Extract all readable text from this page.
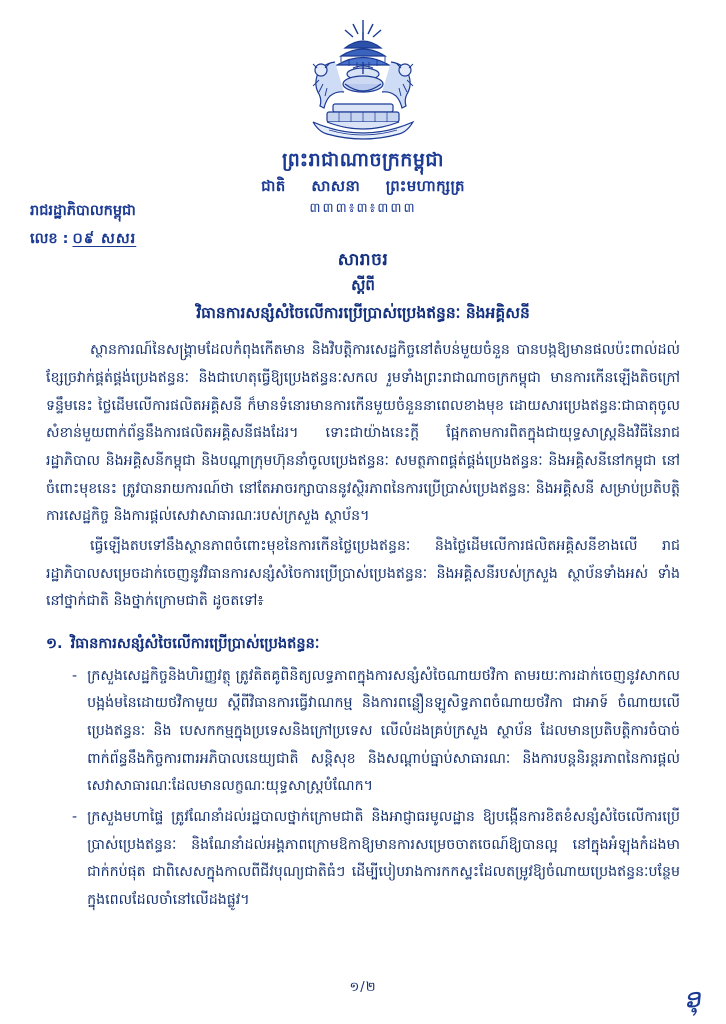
ព្រះរាជាណាចក្រកម្ពុជា
ជាតិ សាសនា ព្រះមហាក្សត្រ
៣៣៣៖៣៖៣៣៣
រាជរដ្ឋាភិបាលកម្ពុជា
លេខ : ០៩ សសរ
សារាចរ
ស្តីពី
វិធានការសន្សំសំចៃលើការប្រើប្រាស់ប្រេងឥន្ធនៈ និងអគ្គិសនី
ស្ថានការណ៍នៃសង្រ្គាមដែលកំពុងកើតមាន និងវិបត្តិការសេដ្ឋកិច្ចនៅតំបន់មួយចំនួន បានបង្កឱ្យមានផលប៉ះពាល់ដល់ខ្សែច្រវាក់ផ្គត់ផ្គង់ប្រេងឥន្ធនៈ និងជាហេតុធ្វើឱ្យប្រេងឥន្ធនៈសកល រួមទាំងព្រះរាជាណាចក្រកម្ពុជា មានការកើនឡើងតិចក្រៅ ទន្ទឹមនេះ ថ្លៃដើមលើការផលិតអគ្គិសនី ក៏មានទំនោរមានការកើនមួយចំនួននាពេលខាងមុខ ដោយសារប្រេងឥន្ធនៈជាធាតុចូលសំខាន់មួយពាក់ព័ន្ធនឹងការផលិតអគ្គិសនីផងដែរ។ ទោះជាយ៉ាងនេះក្តី ផ្អែកតាមការពិតក្នុងជាយុទ្ធសាស្រ្តនិងវិធីនៃរាជរដ្ឋាភិបាល និងអគ្គិសនីកម្ពុជា និងបណ្តាក្រុមហ៊ុននាំចូលប្រេងឥន្ធនៈ សមត្ថភាពផ្គត់ផ្គង់ប្រេងឥន្ធនៈ និងអគ្គិសនីនៅកម្ពុជា នៅចំពោះមុខនេះ ត្រូវបានរាយការណ៍ថា នៅតែអាចរក្សាបាននូវស្ថិរភាពនៃការប្រើប្រាស់ប្រេងឥន្ធនៈ និងអគ្គិសនី សម្រាប់ប្រតិបត្តិការសេដ្ឋកិច្ច និងការផ្តល់សេវាសាធារណៈរបស់ក្រសួង ស្ថាប័ន។
ធ្វើឡើងតបទៅនឹងស្ថានភាពចំពោះមុខនៃការកើនថ្លៃប្រេងឥន្ធនៈ និងថ្លៃដើមលើការផលិតអគ្គិសនីខាងលើ រាជរដ្ឋាភិបាលសម្រេចដាក់ចេញនូវវិធានការសន្សំសំចៃការប្រើប្រាស់ប្រេងឥន្ធនៈ និងអគ្គិសនីរបស់ក្រសួង ស្ថាប័នទាំងអស់ ទាំងនៅថ្នាក់ជាតិ និងថ្នាក់ក្រោមជាតិ ដូចតទៅ៖
១. វិធានការសន្សំសំចៃលើការប្រើប្រាស់ប្រេងឥន្ធនៈ
- ក្រសួងសេដ្ឋកិច្ចនិងហិរញ្ញវត្ថុ ត្រូវតិតគូពិនិត្យលទ្ធភាពក្នុងការសន្សំសំចៃណាយថវិកា តាមរយៈការដាក់ចេញនូវសាកលបង្អង់មនៃដោយថវិកាមួយ ស្តីពីវិធានការធ្វើវាណកម្ម និងការពន្លឿនឡូសិទ្ធភាពចំណាយថវិកា ជាអាទ៍ ចំណាយលើប្រេងឥន្ធនៈ និង បេសកកម្មក្នុងប្រទេសនិងក្រៅប្រទេស លើលំដងគ្រប់ក្រសួង ស្ថាប័ន ដែលមានប្រតិបត្តិការចំបាច់ពាក់ព័ន្ធនឹងកិច្ចការពារអភិបាលនេយ្យជាតិ សន្តិសុខ និងសណ្តាប់ធ្នាប់សាធារណៈ និងការបន្តនិរន្តរភាពនៃការផ្តល់សេវាសាធារណៈដែលមានលក្ខណៈយុទ្ធសាស្រ្តបំណែក។
- ក្រសួងមហាផ្ទៃ ត្រូវណែនាំដល់រដ្ឋបាលថ្នាក់ក្រោមជាតិ និងអាជ្ញាធរមូលដ្ឋាន ឱ្យបង្កើនការខិតខំសន្សំសំចៃលើការប្រើប្រាស់ប្រេងឥន្ធនៈ និងណែនាំដល់អង្គភាពក្រោមឱកាឱ្យមានការសម្រេចចាតចេណ៍ឱ្យបានល្អ នៅក្នុងអំឡុងកំដងមាជាក់កប់ផុត ជាពិសេសក្នុងកាលពីជីវបុណ្យជាតិធំៗ ដើម្បីបៀបរាងការកកស្ទះដែលតម្រូវឱ្យចំណាយប្រេងឥន្ធនៈបន្ថែម ក្នុងពេលដែលចាំនៅលើដងផ្លូវ។
១/២	ອຸ
